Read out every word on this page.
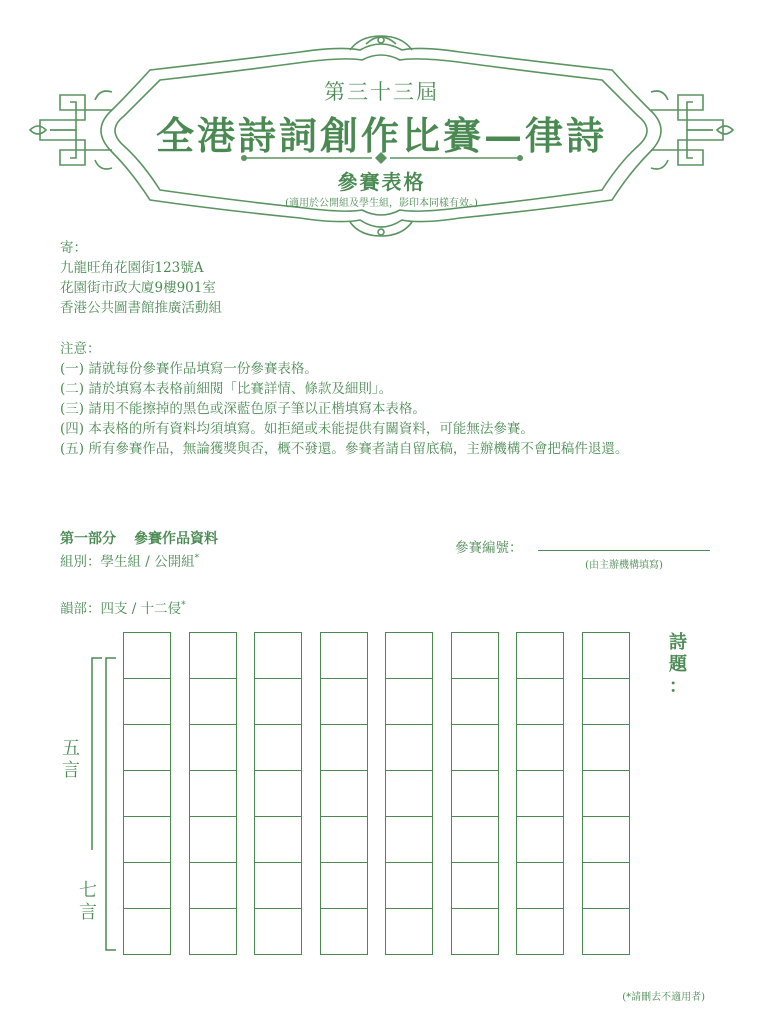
第三十三屆
全港詩詞創作比賽—律詩
參賽表格
(適用於公開組及學生組，影印本同樣有效。)
寄：
九龍旺角花園街123號A
花園街市政大廈9樓901室
香港公共圖書館推廣活動組
注意：
(一) 請就每份參賽作品填寫一份參賽表格。
(二) 請於填寫本表格前細閱「比賽詳情、條款及細則」。
(三) 請用不能擦掉的黑色或深藍色原子筆以正楷填寫本表格。
(四) 本表格的所有資料均須填寫。如拒絕或未能提供有關資料，可能無法參賽。
(五) 所有參賽作品，無論獲獎與否，概不發還。參賽者請自留底稿，主辦機構不會把稿件退還。
第一部分 參賽作品資料
組別：學生組 / 公開組*
參賽編號：
(由主辦機構填寫)
韻部：四支 / 十二侵*
五
言
七
言
詩
題
：
(*請刪去不適用者)
